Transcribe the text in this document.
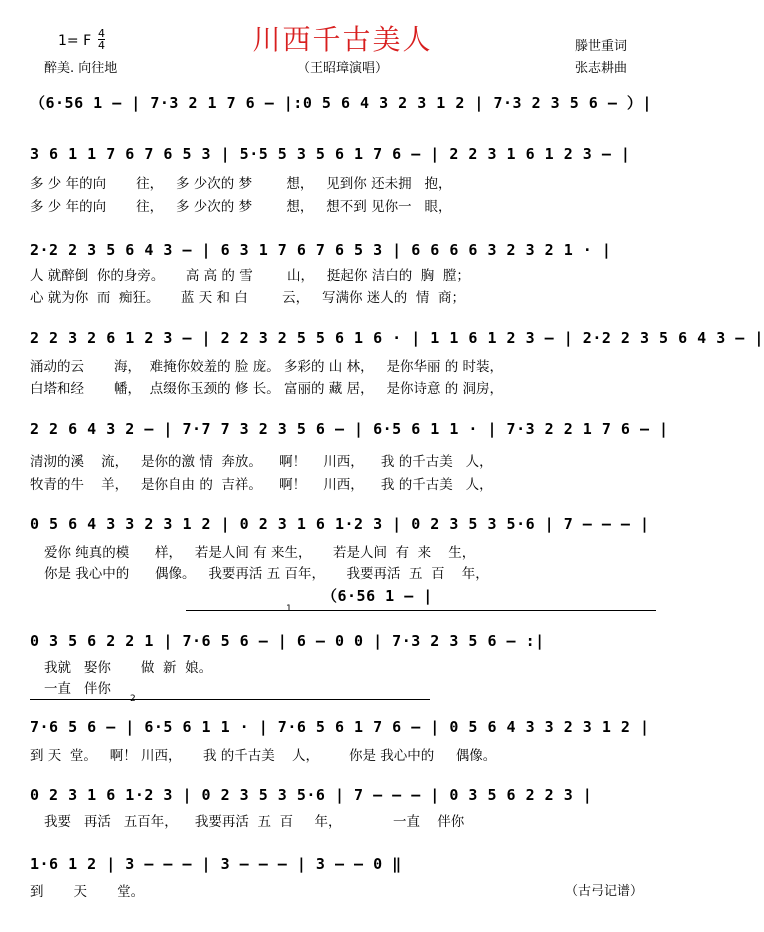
川西千古美人
1= F 4
4
醉美. 向往地	（王昭璋演唱）
滕世重词
张志耕曲
（6·56 1 – | 7·3 2 1 7 6 – |:0 5 6 4 3 2 3 1 2 | 7·3 2 3 5 6 – ）|
3 6 1 1 7 6 7 6 5 3 | 5·5 5 3 5 6 1 7 6 – | 2 2 3 1 6 1 2 3 – |
多 少 年的向       往，   多 少次的 梦        想，   见到你 还未拥   抱，
多 少 年的向       往，   多 少次的 梦        想，   想不到 见你一   眼，
2·2 2 3 5 6 4 3 – | 6 3 1 7 6 7 6 5 3 | 6 6 6 6 3 2 3 2 1 · |
人 就醉倒  你的身旁。     高 高 的 雪        山，   挺起你 洁白的  胸  膛；
心 就为你  而  痴狂。     蓝 天 和 白        云，   写满你 迷人的  情  商；
2 2 3 2 6 1 2 3 – | 2 2 3 2 5 5 6 1 6 · | 1 1 6 1 2 3 – | 2·2 2 3 5 6 4 3 – |
涌动的云       海，  难掩你姣羞的 脸 庞。 多彩的 山 林，   是你华丽 的 时装，
白塔和经       幡，  点缀你玉颈的 修 长。 富丽的 藏 居，   是你诗意 的 洞房，
2 2 6 4 3 2 – | 7·7 7 3 2 3 5 6 – | 6·5 6 1 1 · | 7·3 2 2 1 7 6 – |
清沏的溪    流，   是你的激 情  奔放。    啊！    川西，    我 的千古美   人，
牧青的牛    羊，   是你自由 的  吉祥。    啊！    川西，    我 的千古美   人，
0 5 6 4 3 3 2 3 1 2 | 0 2 3 1 6 1·2 3 | 0 2 3 5 3 5·6 | 7 – – – |
爱你 纯真的模      样，   若是人间 有 来生，     若是人间  有  来    生，
你是 我心中的      偶像。   我要再活 五 百年，     我要再活  五  百    年，
（6·56 1 – |
1
0 3 5 6 2 2 1 | 7·6 5 6 – | 6 – 0 0 | 7·3 2 3 5 6 – :|
我就   娶你       做  新  娘。
一直   伴你
2
7·6 5 6 – | 6·5 6 1 1 · | 7·6 5 6 1 7 6 – | 0 5 6 4 3 3 2 3 1 2 |
到 天  堂。   啊！ 川西，     我 的千古美    人，       你是 我心中的     偶像。
0 2 3 1 6 1·2 3 | 0 2 3 5 3 5·6 | 7 – – – | 0 3 5 6 2 2 3 |
我要   再活   五百年，    我要再活  五  百     年，            一直    伴你
1·6 1 2 | 3 – – – | 3 – – – | 3 – – 0 ‖
到       天       堂。	（古弓记谱）
